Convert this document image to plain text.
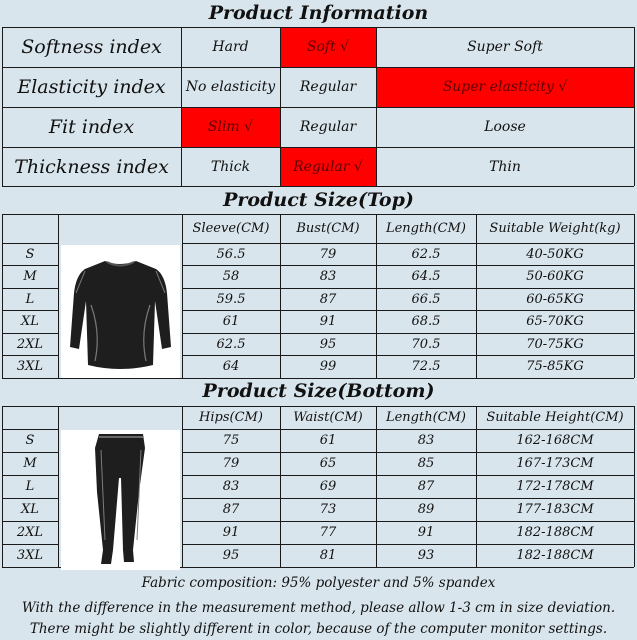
Product Information
Softness index	Hard	Soft √	Super Soft
Elasticity index	No elasticity	Regular	Super elasticity √
Fit index	Slim √	Regular	Loose
Thickness index	Thick	Regular √	Thin
Product Size(Top)
Sleeve(CM)	Bust(CM)	Length(CM)	Suitable Weight(kg)
S	56.5	79	62.5	40-50KG
M	58	83	64.5	50-60KG
L	59.5	87	66.5	60-65KG
XL	61	91	68.5	65-70KG
2XL	62.5	95	70.5	70-75KG
3XL	64	99	72.5	75-85KG
Product Size(Bottom)
Hips(CM)	Waist(CM)	Length(CM)	Suitable Height(CM)
S	75	61	83	162-168CM
M	79	65	85	167-173CM
L	83	69	87	172-178CM
XL	87	73	89	177-183CM
2XL	91	77	91	182-188CM
3XL	95	81	93	182-188CM
Fabric composition: 95% polyester and 5% spandex
With the difference in the measurement method, please allow 1-3 cm in size deviation.
There might be slightly different in color, because of the computer monitor settings.
